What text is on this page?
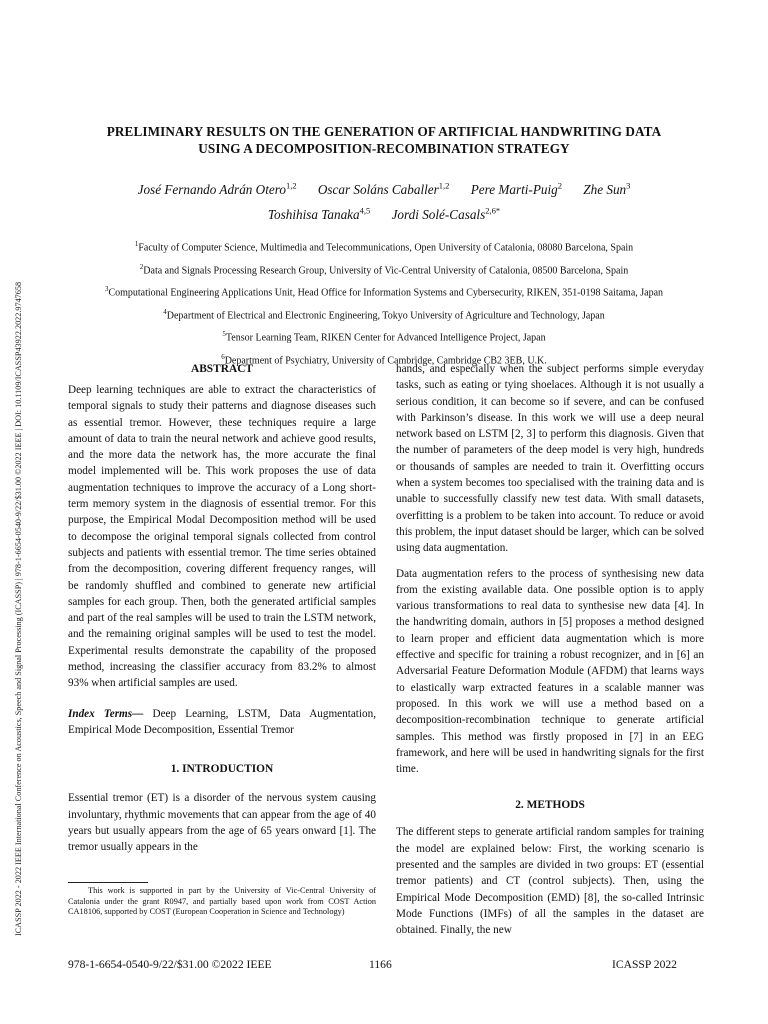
ICASSP 2022 - 2022 IEEE International Conference on Acoustics, Speech and Signal Processing (ICASSP) | 978-1-6654-0540-9/22/$31.00 ©2022 IEEE | DOI: 10.1109/ICASSP43922.2022.9747658
PRELIMINARY RESULTS ON THE GENERATION OF ARTIFICIAL HANDWRITING DATA
USING A DECOMPOSITION-RECOMBINATION STRATEGY
José Fernando Adrán Otero$^{1,2}$ Oscar Soláns Caballer$^{1,2}$ Pere Marti-Puig$^2$ Zhe Sun$^3$
Toshihisa Tanaka$^{4,5}$ Jordi Solé-Casals$^{2,6*}$
$^1$Faculty of Computer Science, Multimedia and Telecommunications, Open University of Catalonia, 08080 Barcelona, Spain
$^2$Data and Signals Processing Research Group, University of Vic-Central University of Catalonia, 08500 Barcelona, Spain
$^3$Computational Engineering Applications Unit, Head Office for Information Systems and Cybersecurity, RIKEN, 351-0198 Saitama, Japan
$^4$Department of Electrical and Electronic Engineering, Tokyo University of Agriculture and Technology, Japan
$^5$Tensor Learning Team, RIKEN Center for Advanced Intelligence Project, Japan
$^6$Department of Psychiatry, University of Cambridge, Cambridge CB2 3EB, U.K.
ABSTRACT

Deep learning techniques are able to extract the characteristics of temporal signals to study their patterns and diagnose diseases such as essential tremor. However, these techniques require a large amount of data to train the neural network and achieve good results, and the more data the network has, the more accurate the final model implemented will be. This work proposes the use of data augmentation techniques to improve the accuracy of a Long short-term memory system in the diagnosis of essential tremor. For this purpose, the Empirical Modal Decomposition method will be used to decompose the original temporal signals collected from control subjects and patients with essential tremor. The time series obtained from the decomposition, covering different frequency ranges, will be randomly shuffled and combined to generate new artificial samples for each group. Then, both the generated artificial samples and part of the real samples will be used to train the LSTM network, and the remaining original samples will be used to test the model. Experimental results demonstrate the capability of the proposed method, increasing the classifier accuracy from 83.2% to almost 93% when artificial samples are used.

Index Terms— Deep Learning, LSTM, Data Augmentation, Empirical Mode Decomposition, Essential Tremor

1. INTRODUCTION

Essential tremor (ET) is a disorder of the nervous system causing involuntary, rhythmic movements that can appear from the age of 40 years but usually appears from the age of 65 years onward [1]. The tremor usually appears in the

hands, and especially when the subject performs simple everyday tasks, such as eating or tying shoelaces. Although it is not usually a serious condition, it can become so if severe, and can be confused with Parkinson’s disease. In this work we will use a deep neural network based on LSTM [2, 3] to perform this diagnosis. Given that the number of parameters of the deep model is very high, hundreds or thousands of samples are needed to train it. Overfitting occurs when a system becomes too specialised with the training data and is unable to successfully classify new test data. With small datasets, overfitting is a problem to be taken into account. To reduce or avoid this problem, the input dataset should be larger, which can be solved using data augmentation.

Data augmentation refers to the process of synthesising new data from the existing available data. One possible option is to apply various transformations to real data to synthesise new data [4]. In the handwriting domain, authors in [5] proposes a method designed to learn proper and efficient data augmentation which is more effective and specific for training a robust recognizer, and in [6] an Adversarial Feature Deformation Module (AFDM) that learns ways to elastically warp extracted features in a scalable manner was proposed. In this work we will use a method based on a decomposition-recombination technique to generate artificial samples. This method was firstly proposed in [7] in an EEG framework, and here will be used in handwriting signals for the first time.

2. METHODS

The different steps to generate artificial random samples for training the model are explained below: First, the working scenario is presented and the samples are divided in two groups: ET (essential tremor patients) and CT (control subjects). Then, using the Empirical Mode Decomposition (EMD) [8], the so-called Intrinsic Mode Functions (IMFs) of all the samples in the dataset are obtained. Finally, the new

This work is supported in part by the University of Vic-Central University of Catalonia under the grant R0947, and partially based upon work from COST Action CA18106, supported by COST (European Cooperation in Science and Technology)
978-1-6654-0540-9/22/$31.00 ©2022 IEEE	1166	ICASSP 2022
